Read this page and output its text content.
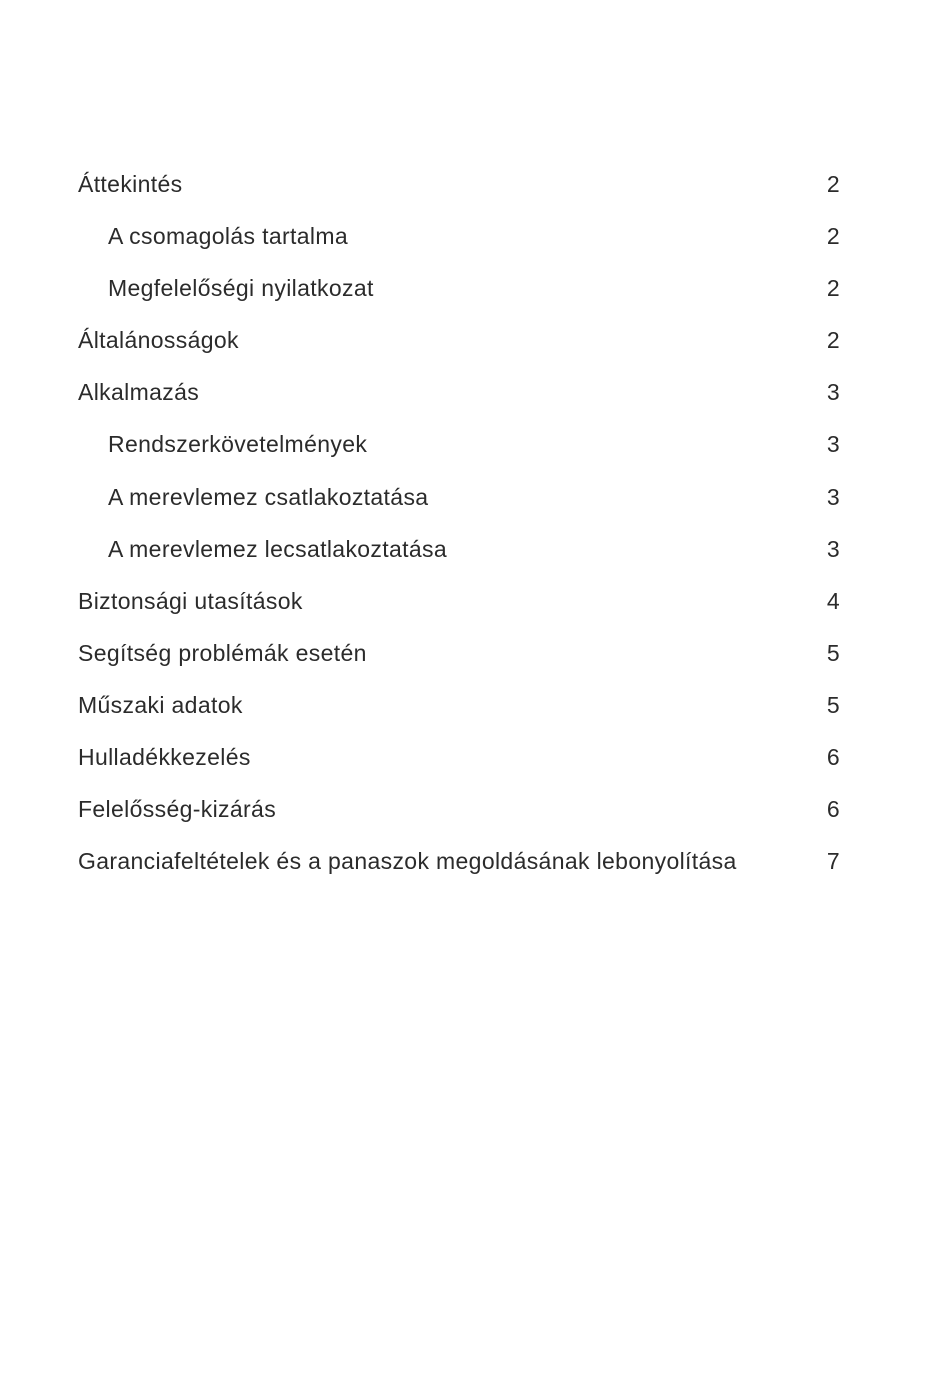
Áttekintés	2
A csomagolás tartalma	2
Megfelelőségi nyilatkozat	2
Általánosságok	2
Alkalmazás	3
Rendszerkövetelmények	3
A merevlemez csatlakoztatása	3
A merevlemez lecsatlakoztatása	3
Biztonsági utasítások	4
Segítség problémák esetén	5
Műszaki adatok	5
Hulladékkezelés	6
Felelősség-kizárás	6
Garanciafeltételek és a panaszok megoldásának lebonyolítása	7
